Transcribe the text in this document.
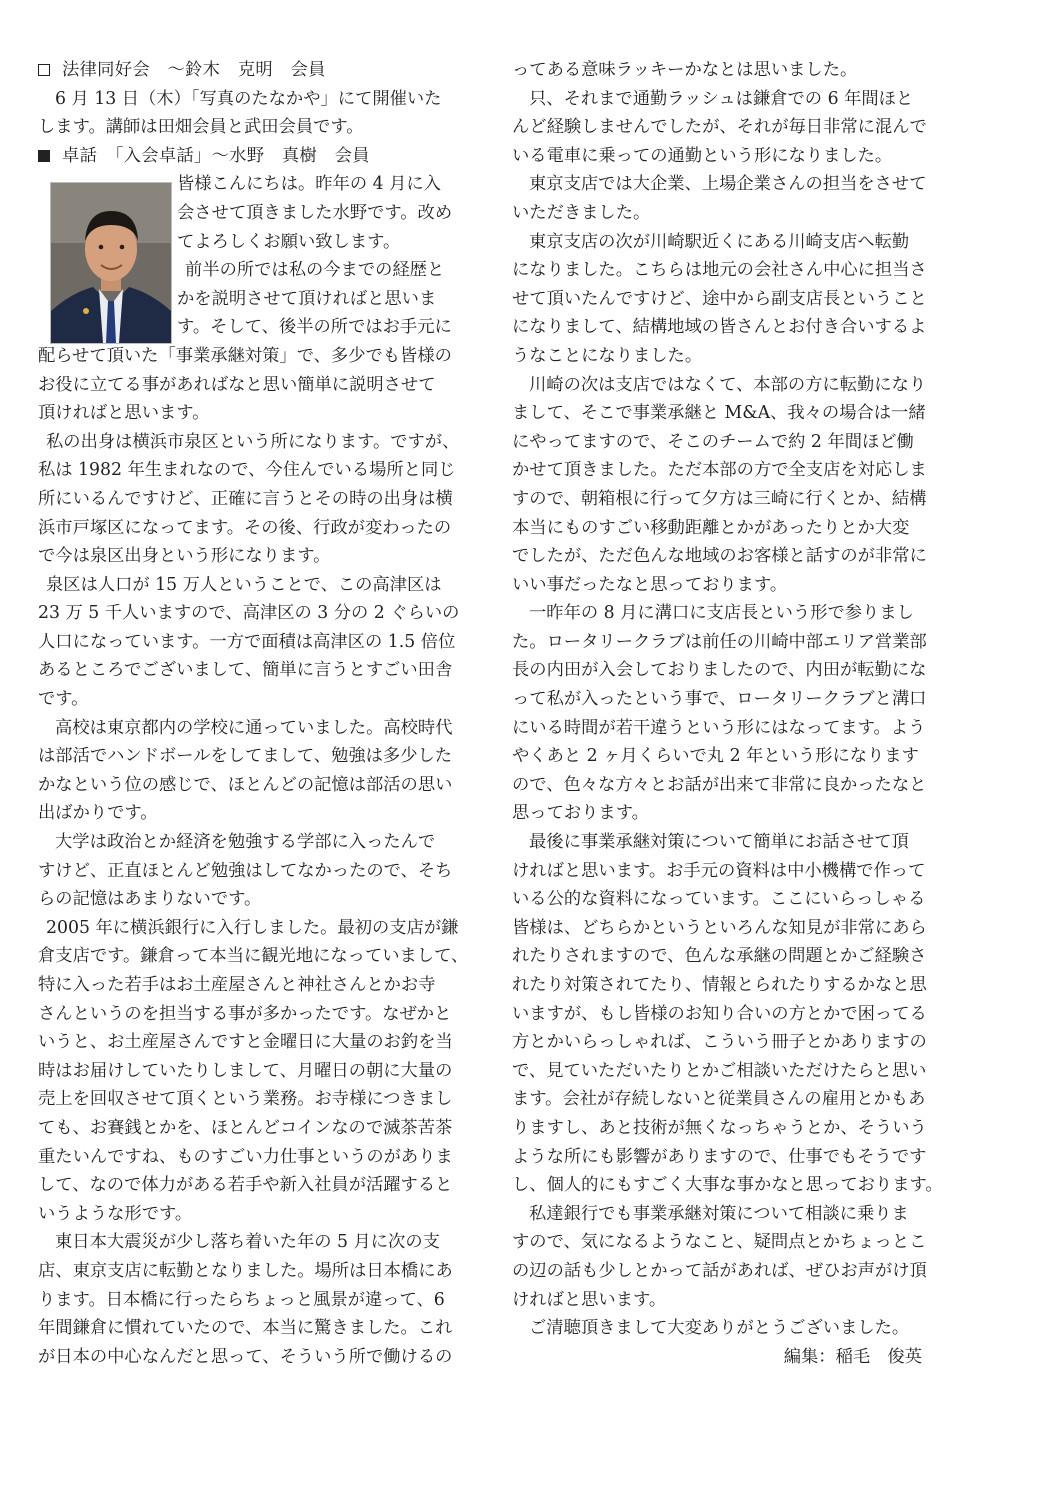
法律同好会　～鈴木　克明　会員
6 月 13 日（木）「写真のたなかや」にて開催いた
します。講師は田畑会員と武田会員です。
卓話　「入会卓話」～水野　真樹　会員
皆様こんにちは。昨年の 4 月に入
会させて頂きました水野です。改め
てよろしくお願い致します。
前半の所では私の今までの経歴と
かを説明させて頂ければと思いま
す。そして、後半の所ではお手元に
配らせて頂いた「事業承継対策」で、多少でも皆様の
お役に立てる事があればなと思い簡単に説明させて
頂ければと思います。
私の出身は横浜市泉区という所になります。ですが、
私は 1982 年生まれなので、今住んでいる場所と同じ
所にいるんですけど、正確に言うとその時の出身は横
浜市戸塚区になってます。その後、行政が変わったの
で今は泉区出身という形になります。
泉区は人口が 15 万人ということで、この高津区は
23 万 5 千人いますので、高津区の 3 分の 2 ぐらいの
人口になっています。一方で面積は高津区の 1.5 倍位
あるところでございまして、簡単に言うとすごい田舎
です。
高校は東京都内の学校に通っていました。高校時代
は部活でハンドボールをしてまして、勉強は多少した
かなという位の感じで、ほとんどの記憶は部活の思い
出ばかりです。
大学は政治とか経済を勉強する学部に入ったんで
すけど、正直ほとんど勉強はしてなかったので、そち
らの記憶はあまりないです。
2005 年に横浜銀行に入行しました。最初の支店が鎌
倉支店です。鎌倉って本当に観光地になっていまして、
特に入った若手はお土産屋さんと神社さんとかお寺
さんというのを担当する事が多かったです。なぜかと
いうと、お土産屋さんですと金曜日に大量のお釣を当
時はお届けしていたりしまして、月曜日の朝に大量の
売上を回収させて頂くという業務。お寺様につきまし
ても、お賽銭とかを、ほとんどコインなので滅茶苦茶
重たいんですね、ものすごい力仕事というのがありま
して、なので体力がある若手や新入社員が活躍すると
いうような形です。
東日本大震災が少し落ち着いた年の 5 月に次の支
店、東京支店に転勤となりました。場所は日本橋にあ
ります。日本橋に行ったらちょっと風景が違って、6
年間鎌倉に慣れていたので、本当に驚きました。これ
が日本の中心なんだと思って、そういう所で働けるの
ってある意味ラッキーかなとは思いました。
只、それまで通勤ラッシュは鎌倉での 6 年間ほと
んど経験しませんでしたが、それが毎日非常に混んで
いる電車に乗っての通勤という形になりました。
東京支店では大企業、上場企業さんの担当をさせて
いただきました。
東京支店の次が川崎駅近くにある川崎支店へ転勤
になりました。こちらは地元の会社さん中心に担当さ
せて頂いたんですけど、途中から副支店長ということ
になりまして、結構地域の皆さんとお付き合いするよ
うなことになりました。
川崎の次は支店ではなくて、本部の方に転勤になり
まして、そこで事業承継と M&A、我々の場合は一緒
にやってますので、そこのチームで約 2 年間ほど働
かせて頂きました。ただ本部の方で全支店を対応しま
すので、朝箱根に行って夕方は三崎に行くとか、結構
本当にものすごい移動距離とかがあったりとか大変
でしたが、ただ色んな地域のお客様と話すのが非常に
いい事だったなと思っております。
一昨年の 8 月に溝口に支店長という形で参りまし
た。ロータリークラブは前任の川崎中部エリア営業部
長の内田が入会しておりましたので、内田が転勤にな
って私が入ったという事で、ロータリークラブと溝口
にいる時間が若干違うという形にはなってます。よう
やくあと 2 ヶ月くらいで丸 2 年という形になります
ので、色々な方々とお話が出来て非常に良かったなと
思っております。
最後に事業承継対策について簡単にお話させて頂
ければと思います。お手元の資料は中小機構で作って
いる公的な資料になっています。ここにいらっしゃる
皆様は、どちらかというといろんな知見が非常にあら
れたりされますので、色んな承継の問題とかご経験さ
れたり対策されてたり、情報とられたりするかなと思
いますが、もし皆様のお知り合いの方とかで困ってる
方とかいらっしゃれば、こういう冊子とかありますの
で、見ていただいたりとかご相談いただけたらと思い
ます。会社が存続しないと従業員さんの雇用とかもあ
りますし、あと技術が無くなっちゃうとか、そういう
ような所にも影響がありますので、仕事でもそうです
し、個人的にもすごく大事な事かなと思っております。
私達銀行でも事業承継対策について相談に乗りま
すので、気になるようなこと、疑問点とかちょっとこ
の辺の話も少しとかって話があれば、ぜひお声がけ頂
ければと思います。
ご清聴頂きまして大変ありがとうございました。
編集：稲毛　俊英
